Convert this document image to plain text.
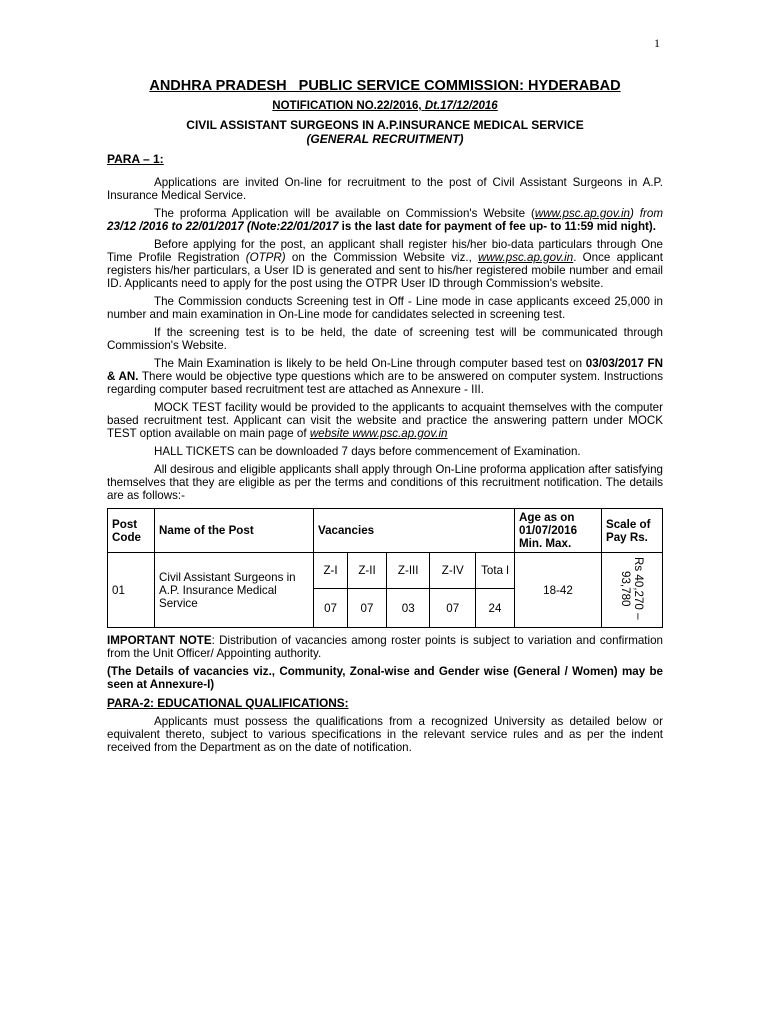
1
ANDHRA PRADESH   PUBLIC SERVICE COMMISSION: HYDERABAD
NOTIFICATION NO.22/2016, Dt.17/12/2016
CIVIL ASSISTANT SURGEONS IN A.P.INSURANCE MEDICAL SERVICE
(GENERAL RECRUITMENT)
PARA – 1:

Applications are invited On-line for recruitment to the post of Civil Assistant Surgeons in A.P. Insurance Medical Service.

The proforma Application will be available on Commission's Website (www.psc.ap.gov.in) from 23/12 /2016 to 22/01/2017 (Note:22/01/2017 is the last date for payment of fee up- to 11:59 mid night).

Before applying for the post, an applicant shall register his/her bio-data particulars through One Time Profile Registration (OTPR) on the Commission Website viz., www.psc.ap.gov.in. Once applicant registers his/her particulars, a User ID is generated and sent to his/her registered mobile number and email ID. Applicants need to apply for the post using the OTPR User ID through Commission's website.

The Commission conducts Screening test in Off - Line mode in case applicants exceed 25,000 in number and main examination in On-Line mode for candidates selected in screening test.

If the screening test is to be held, the date of screening test will be communicated through Commission's Website.

The Main Examination is likely to be held On-Line through computer based test on 03/03/2017 FN & AN. There would be objective type questions which are to be answered on computer system. Instructions regarding computer based recruitment test are attached as Annexure - III.

MOCK TEST facility would be provided to the applicants to acquaint themselves with the computer based recruitment test. Applicant can visit the website and practice the answering pattern under MOCK TEST option available on main page of website www.psc.ap.gov.in

HALL TICKETS can be downloaded 7 days before commencement of Examination.

All desirous and eligible applicants shall apply through On-Line proforma application after satisfying themselves that they are eligible as per the terms and conditions of this recruitment notification. The details are as follows:-

Post Code	Name of the Post	Vacancies					Age as on 01/07/2016 Min. Max.	Scale of Pay Rs.
01	Civil Assistant Surgeons in A.P. Insurance Medical Service	Z-I	Z-II	Z-III	Z-IV	Tota l	18-42	Rs 40,270 – 93,780
		07	07	03	07	24		

IMPORTANT NOTE: Distribution of vacancies among roster points is subject to variation and confirmation from the Unit Officer/ Appointing authority.

(The Details of vacancies viz., Community, Zonal-wise and Gender wise (General / Women) may be seen at Annexure-I)

PARA-2: EDUCATIONAL QUALIFICATIONS:

Applicants must possess the qualifications from a recognized University as detailed below or equivalent thereto, subject to various specifications in the relevant service rules and as per the indent received from the Department as on the date of notification.
